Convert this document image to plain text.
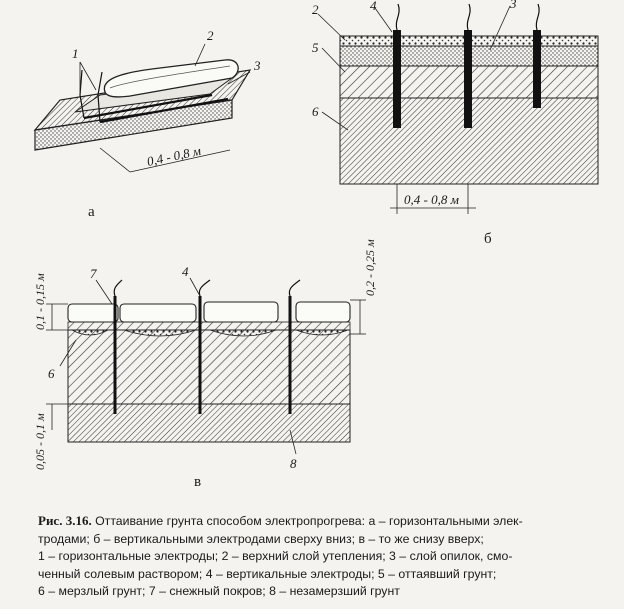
1
2
3
0,4 - 0,8 м
а
2	4	3
5
6
0,4 - 0,8 м
б
0,1 - 0,15 м
0,2 - 0,25 м
0,05 - 0,1 м
7	4
6
8
в

Рис. 3.16. Оттаивание грунта способом электропрогрева: а – горизонтальными элек-
тродами; б – вертикальными электродами сверху вниз; в – то же снизу вверх;
1 – горизонтальные электроды; 2 – верхний слой утепления; 3 – слой опилок, смо-
ченный солевым раствором; 4 – вертикальные электроды; 5 – оттаявший грунт;
6 – мерзлый грунт; 7 – снежный покров; 8 – незамерзший грунт
